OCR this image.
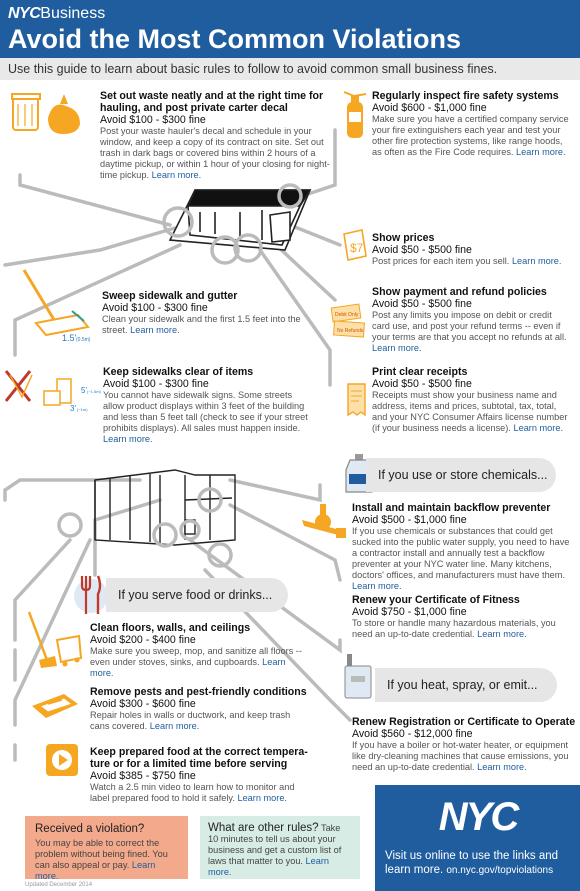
NYCBusiness
Avoid the Most Common Violations
Use this guide to learn about basic rules to follow to avoid common small business fines.
$7
1.5' (0.5m)
Debit Only
No Refunds
5' (~1.5m)
3' (~1m)
Set out waste neatly and at the right time for hauling, and post private carter decal
Avoid $100 - $300 fine
Post your waste hauler's decal and schedule in your window, and keep a copy of its contract on site. Set out trash in dark bags or covered bins within 2 hours of a daytime pickup, or within 1 hour of your closing for night-time pickup. Learn more.
Regularly inspect fire safety systems
Avoid $600 - $1,000 fine
Make sure you have a certified company service your fire extinguishers each year and test your other fire protection systems, like range hoods, as often as the Fire Code requires. Learn more.
Show prices
Avoid $50 - $500 fine
Post prices for each item you sell. Learn more.
Sweep sidewalk and gutter
Avoid $100 - $300 fine
Clean your sidewalk and the first 1.5 feet into the street. Learn more.
Show payment and refund policies
Avoid $50 - $500 fine
Post any limits you impose on debit or credit card use, and post your refund terms -- even if your terms are that you accept no refunds at all. Learn more.
Keep sidewalks clear of items
Avoid $100 - $300 fine
You cannot have sidewalk signs. Some streets allow product displays within 3 feet of the building and less than 5 feet tall (check to see if your street prohibits displays). All sales must happen inside. Learn more.
Print clear receipts
Avoid $50 - $500 fine
Receipts must show your business name and address, items and prices, subtotal, tax, total, and your NYC Consumer Affairs license number (if your business needs a license). Learn more.
If you use or store chemicals...
Install and maintain backflow preventer
Avoid $500 - $1,000 fine
If you use chemicals or substances that could get sucked into the public water supply, you need to have a contractor install and annually test a backflow preventer at your NYC water line. Many kitchens, doctors' offices, and manufacturers must have them. Learn more.
If you serve food or drinks...
Clean floors, walls, and ceilings
Avoid $200 - $400 fine
Make sure you sweep, mop, and sanitize all floors -- even under stoves, sinks, and cupboards. Learn more.
Renew your Certificate of Fitness
Avoid $750 - $1,000 fine
To store or handle many hazardous materials, you need an up-to-date credential. Learn more.
If you heat, spray, or emit...
Remove pests and pest-friendly conditions
Avoid $300 - $600 fine
Repair holes in walls or ductwork, and keep trash cans covered. Learn more.	Renew Registration or Certificate to Operate
Avoid $560 - $12,000 fine
If you have a boiler or hot-water heater, or equipment like dry-cleaning machines that cause emissions, you need an up-to-date credential. Learn more.
Keep prepared food at the correct tempera-ture or for a limited time before serving
Avoid $385 - $750 fine
Watch a 2.5 min video to learn how to monitor and label prepared food to hold it safely. Learn more.
Received a violation?

You may be able to correct the problem without being fined. You can also appeal or pay. Learn more.

What are other rules? Take 10 minutes to tell us about your business and get a custom list of laws that matter to you. Learn more.

NYC
Visit us online to use the links and learn more. on.nyc.gov/topviolations
Updated December 2014
